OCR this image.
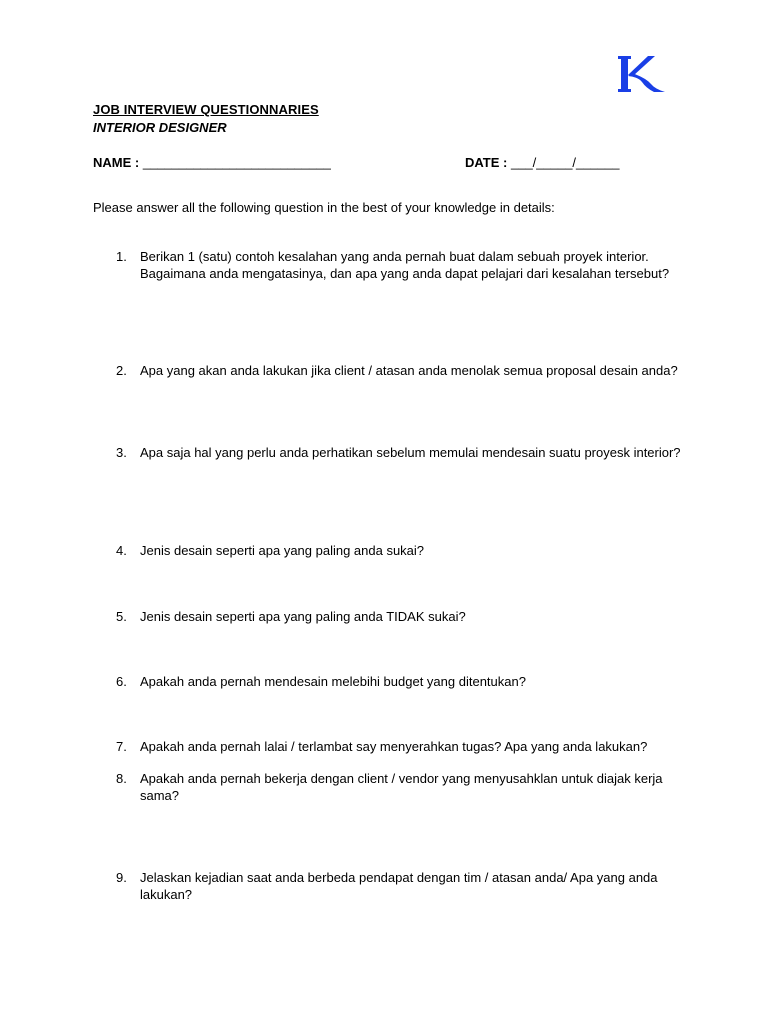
JOB INTERVIEW QUESTIONNARIES
INTERIOR DESIGNER
NAME : __________________________	DATE : ___/_____/______
Please answer all the following question in the best of your knowledge in details:
1.	Berikan 1 (satu) contoh kesalahan yang anda pernah buat dalam sebuah proyek interior. Bagaimana anda mengatasinya, dan apa yang anda dapat pelajari dari kesalahan tersebut?
2.	Apa yang akan anda lakukan jika client / atasan anda menolak semua proposal desain anda?
3.	Apa saja hal yang perlu anda perhatikan sebelum memulai mendesain suatu proyesk interior?
4.	Jenis desain seperti apa yang paling anda sukai?
5.	Jenis desain seperti apa yang paling anda TIDAK sukai?
6.	Apakah anda pernah mendesain melebihi budget yang ditentukan?
7.	Apakah anda pernah lalai / terlambat say menyerahkan tugas? Apa yang anda lakukan?
8.	Apakah anda pernah bekerja dengan client / vendor yang menyusahklan untuk diajak kerja sama?
9.	Jelaskan kejadian saat anda berbeda pendapat dengan tim / atasan anda/ Apa yang anda lakukan?
